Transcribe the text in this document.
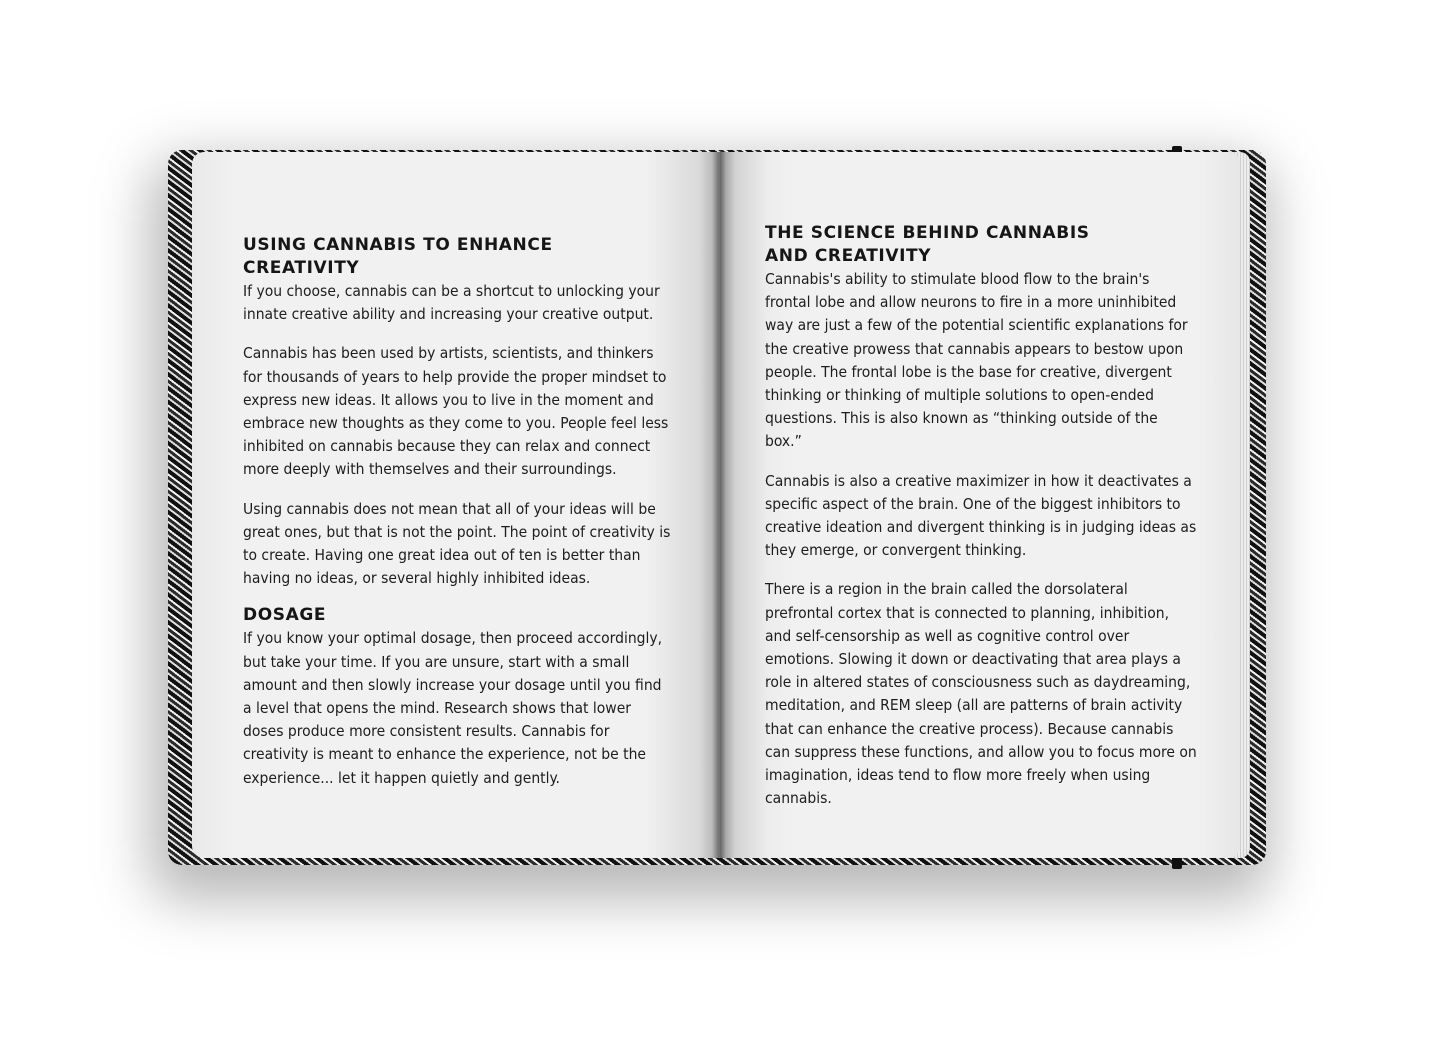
USING CANNABIS TO ENHANCE CREATIVITY

If you choose, cannabis can be a shortcut to unlocking your innate creative ability and increasing your creative output.

Cannabis has been used by artists, scientists, and thinkers for thousands of years to help provide the proper mindset to express new ideas. It allows you to live in the moment and embrace new thoughts as they come to you. People feel less inhibited on cannabis because they can relax and connect more deeply with themselves and their surroundings.

Using cannabis does not mean that all of your ideas will be great ones, but that is not the point. The point of creativity is to create. Having one great idea out of ten is better than having no ideas, or several highly inhibited ideas.

DOSAGE

If you know your optimal dosage, then proceed accordingly, but take your time. If you are unsure, start with a small amount and then slowly increase your dosage until you find a level that opens the mind. Research shows that lower doses produce more consistent results. Cannabis for creativity is meant to enhance the experience, not be the experience... let it happen quietly and gently.

THE SCIENCE BEHIND CANNABIS
AND CREATIVITY

Cannabis's ability to stimulate blood flow to the brain's frontal lobe and allow neurons to fire in a more uninhibited way are just a few of the potential scientific explanations for the creative prowess that cannabis appears to bestow upon people. The frontal lobe is the base for creative, divergent thinking or thinking of multiple solutions to open-ended questions. This is also known as “thinking outside of the box.”

Cannabis is also a creative maximizer in how it deactivates a specific aspect of the brain. One of the biggest inhibitors to creative ideation and divergent thinking is in judging ideas as they emerge, or convergent thinking.

There is a region in the brain called the dorsolateral prefrontal cortex that is connected to planning, inhibition, and self-censorship as well as cognitive control over emotions. Slowing it down or deactivating that area plays a role in altered states of consciousness such as daydreaming, meditation, and REM sleep (all are patterns of brain activity that can enhance the creative process). Because cannabis can suppress these functions, and allow you to focus more on imagination, ideas tend to flow more freely when using cannabis.
